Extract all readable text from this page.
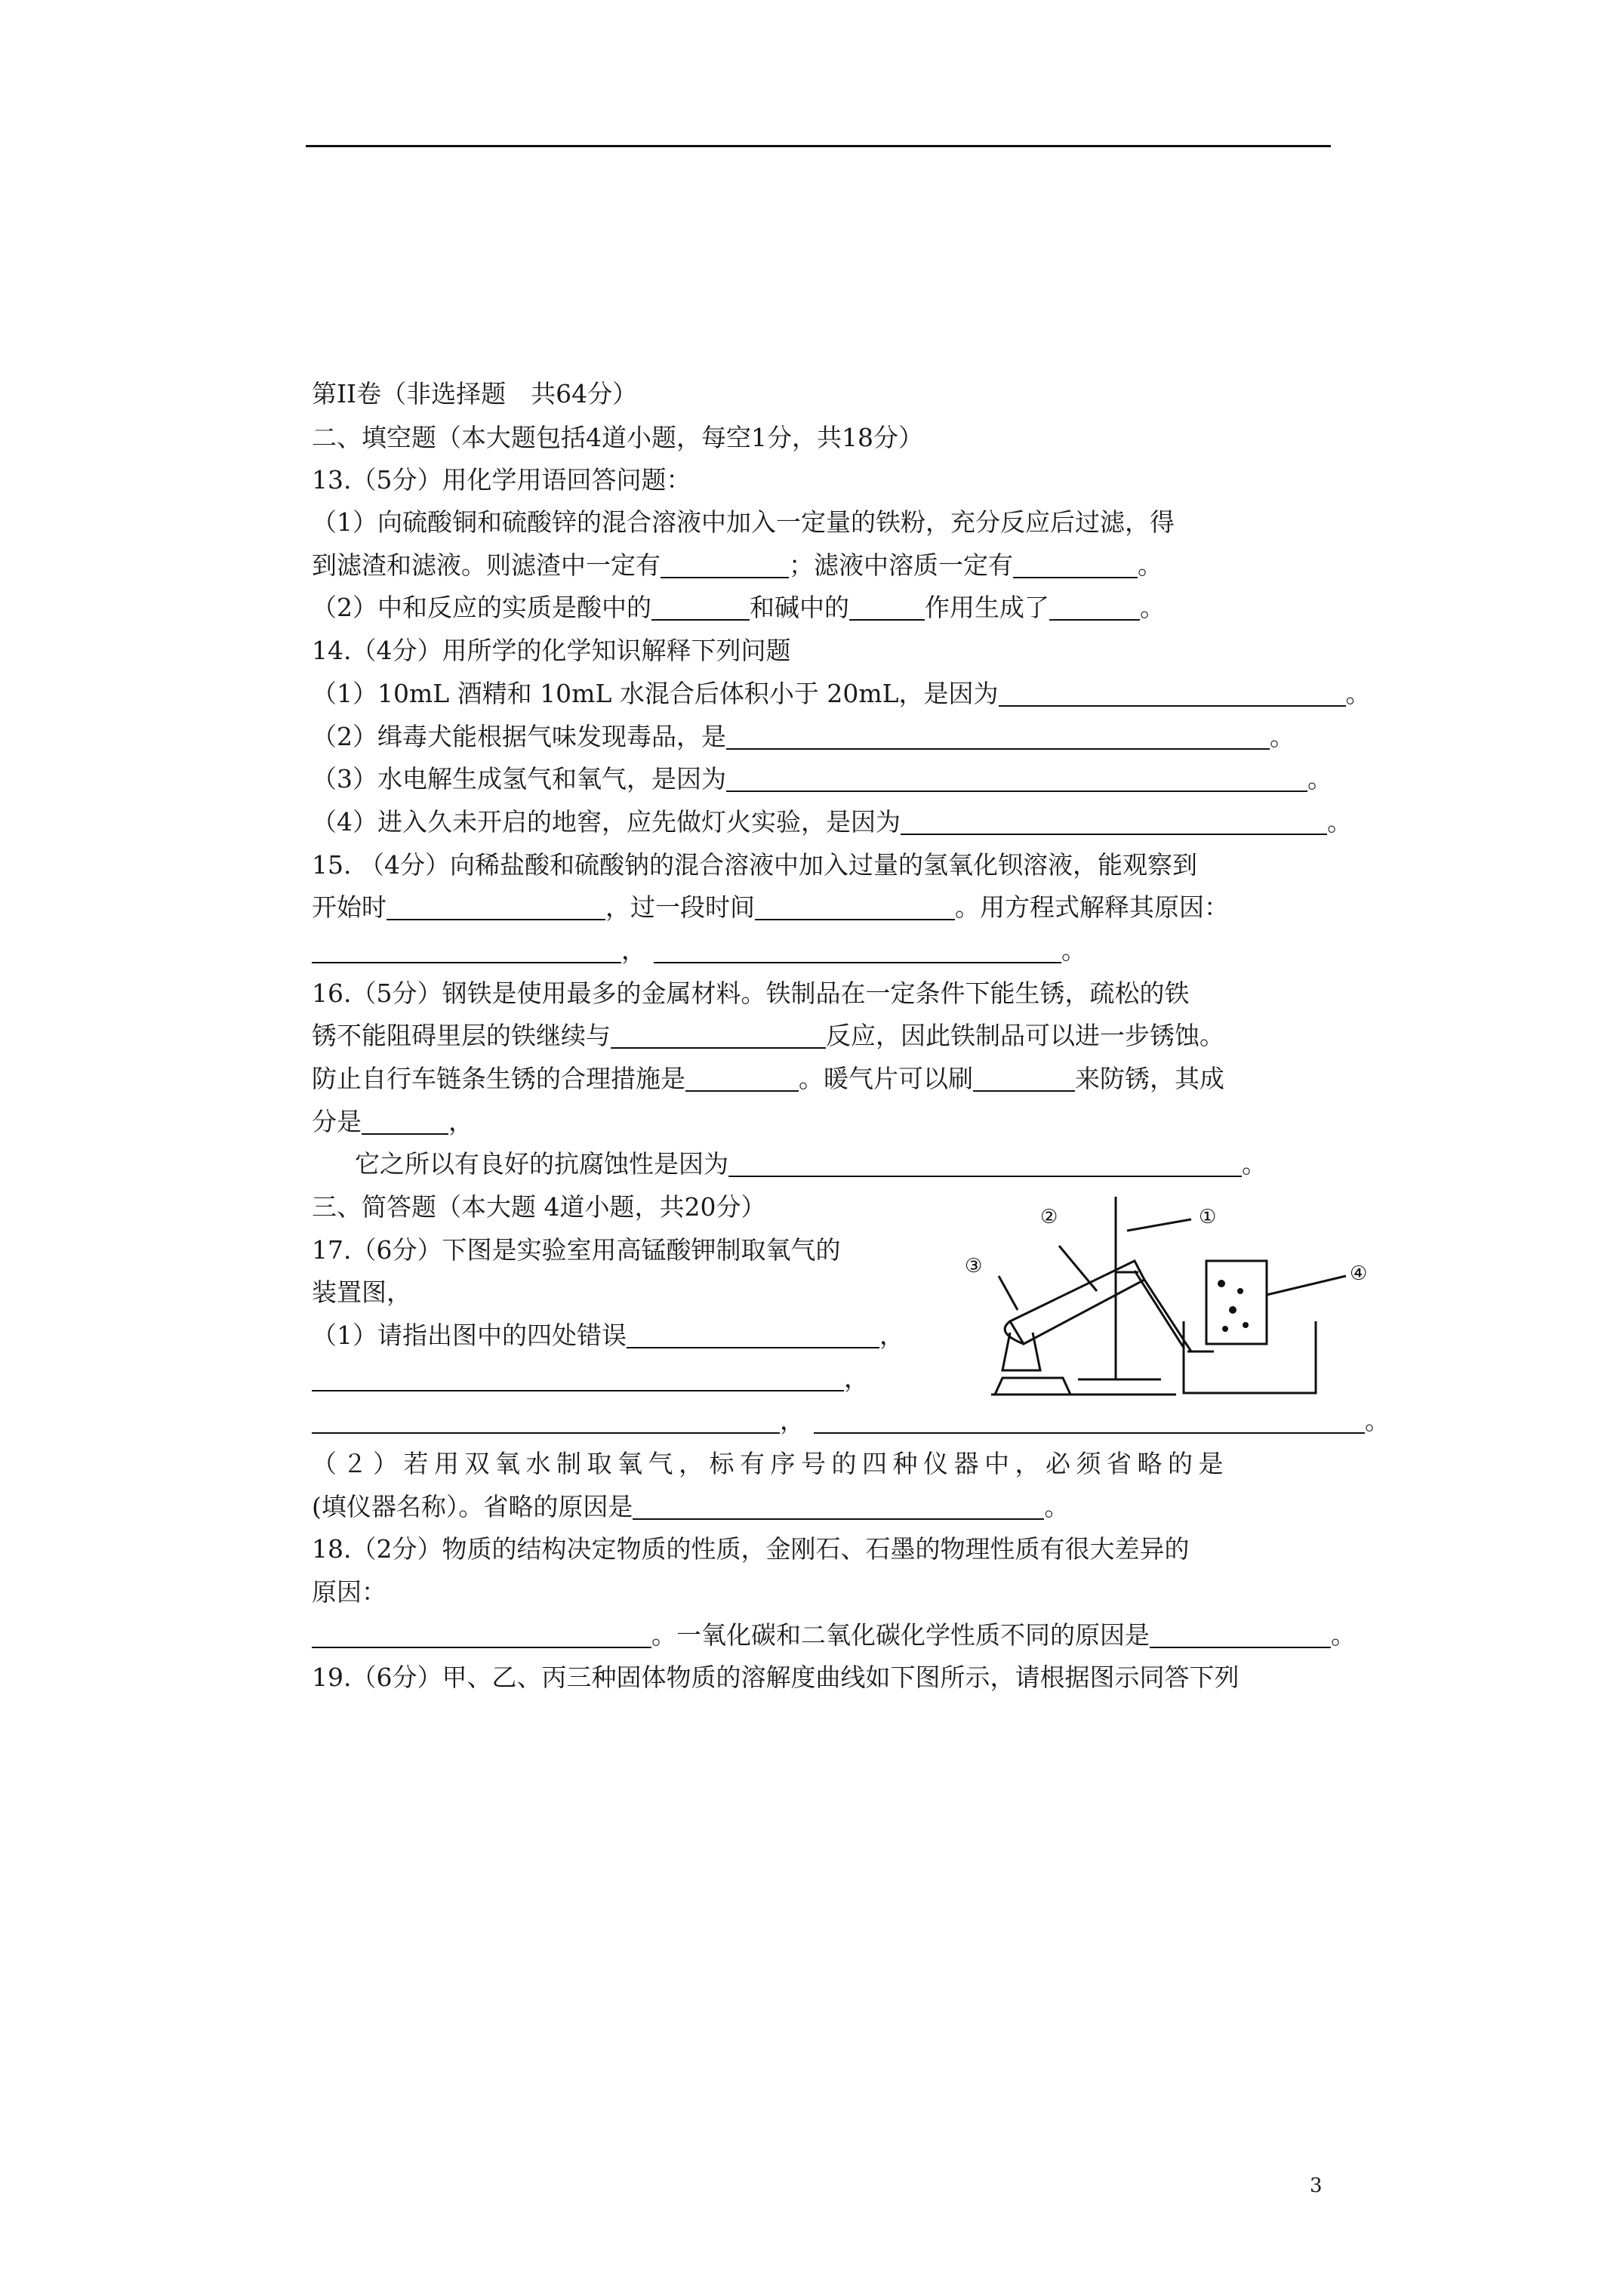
第II卷（非选择题　共64分）
二、填空题（本大题包括4道小题，每空1分，共18分）
13.（5分）用化学用语回答问题：
（1）向硫酸铜和硫酸锌的混合溶液中加入一定量的铁粉，充分反应后过滤，得
到滤渣和滤液。则滤渣中一定有	；滤液中溶质一定有	。
（2）中和反应的实质是酸中的	和碱中的	作用生成了	。
14.（4分）用所学的化学知识解释下列问题
（1）10mL 酒精和 10mL 水混合后体积小于 20mL，是因为	。
（2）缉毒犬能根据气味发现毒品，是	。
（3）水电解生成氢气和氧气，是因为	。
（4）进入久未开启的地窖，应先做灯火实验，是因为	。
15. （4分）向稀盐酸和硫酸钠的混合溶液中加入过量的氢氧化钡溶液，能观察到
开始时	，过一段时间	。用方程式解释其原因：
，	。
16.（5分）钢铁是使用最多的金属材料。铁制品在一定条件下能生锈，疏松的铁
锈不能阻碍里层的铁继续与	反应，因此铁制品可以进一步锈蚀。
防止自行车链条生锈的合理措施是	。暖气片可以刷	来防锈，其成
分是	，
它之所以有良好的抗腐蚀性是因为	。
三、简答题（本大题 4道小题，共20分）
17.（6分）下图是实验室用高锰酸钾制取氧气的
装置图，
（1）请指出图中的四处错误	，
，
，	。
（２）若用双氧水制取氧气，标有序号的四种仪器中，必须省略的是
(填仪器名称）。省略的原因是	。
18.（2分）物质的结构决定物质的性质，金刚石、石墨的物理性质有很大差异的
原因：
。一氧化碳和二氧化碳化学性质不同的原因是	。
19.（6分）甲、乙、丙三种固体物质的溶解度曲线如下图所示，请根据图示同答下列
①
②
③	④
3
